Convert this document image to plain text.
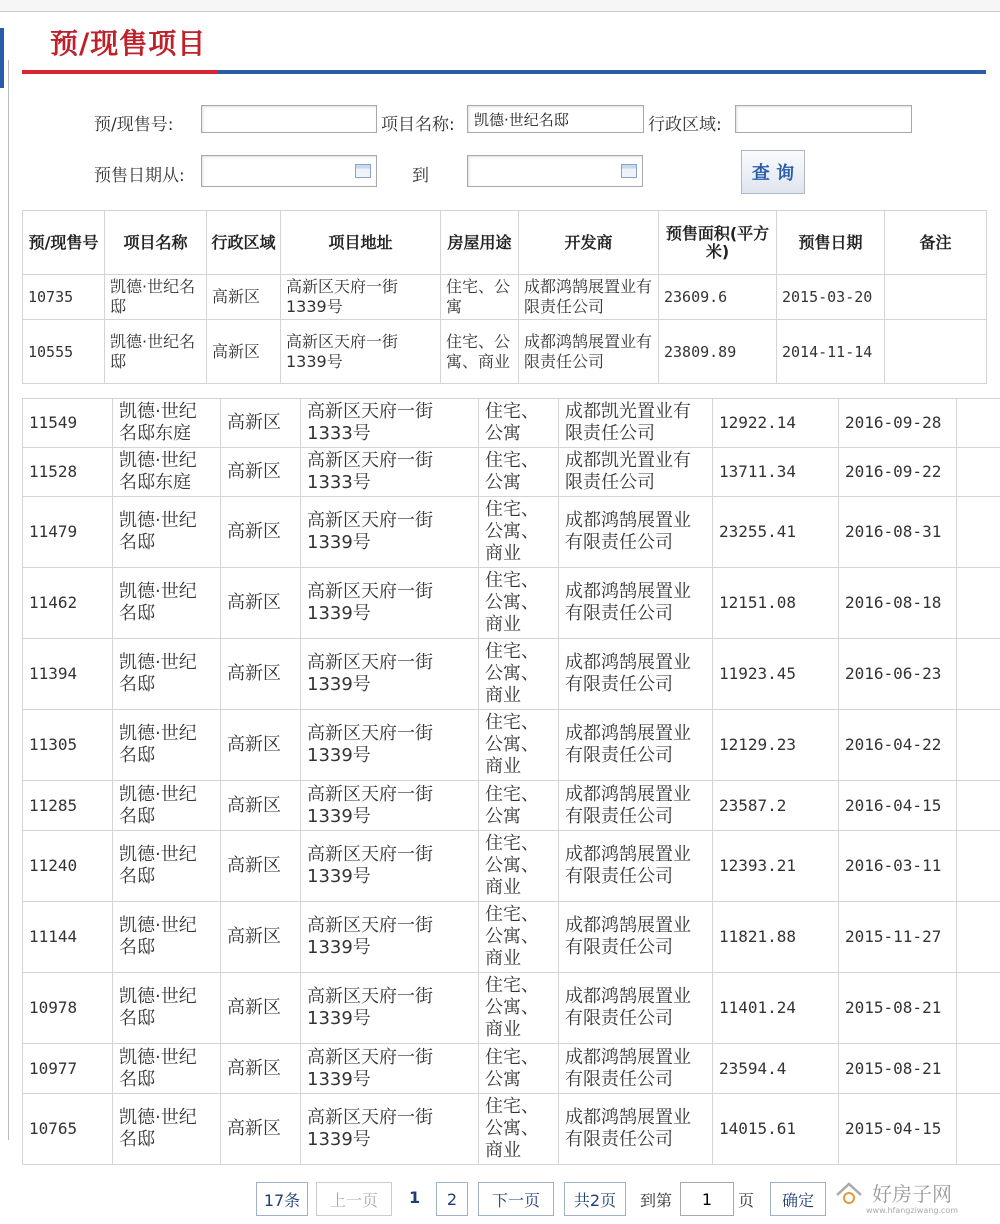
预/现售项目
预/现售号:	项目名称:
凯德·世纪名邸	行政区域:
预售日期从:	到	查 询
预/现售号	项目名称	行政区域	项目地址	房屋用途	开发商	预售面积(平方米)	预售日期	备注
10735	凯德·世纪名邸	高新区	高新区天府一街1339号	住宅、公寓	成都鸿鹄展置业有限责任公司	23609.6	2015-03-20	
10555	凯德·世纪名邸	高新区	高新区天府一街1339号	住宅、公寓、商业	成都鸿鹄展置业有限责任公司	23809.89	2014-11-14	
11549	凯德·世纪名邸东庭	高新区	高新区天府一街1333号	住宅、公寓	成都凯光置业有限责任公司	12922.14	2016-09-28	
11528	凯德·世纪名邸东庭	高新区	高新区天府一街1333号	住宅、公寓	成都凯光置业有限责任公司	13711.34	2016-09-22	
11479	凯德·世纪名邸	高新区	高新区天府一街1339号	住宅、公寓、商业	成都鸿鹄展置业有限责任公司	23255.41	2016-08-31	
11462	凯德·世纪名邸	高新区	高新区天府一街1339号	住宅、公寓、商业	成都鸿鹄展置业有限责任公司	12151.08	2016-08-18	
11394	凯德·世纪名邸	高新区	高新区天府一街1339号	住宅、公寓、商业	成都鸿鹄展置业有限责任公司	11923.45	2016-06-23	
11305	凯德·世纪名邸	高新区	高新区天府一街1339号	住宅、公寓、商业	成都鸿鹄展置业有限责任公司	12129.23	2016-04-22	
11285	凯德·世纪名邸	高新区	高新区天府一街1339号	住宅、公寓	成都鸿鹄展置业有限责任公司	23587.2	2016-04-15	
11240	凯德·世纪名邸	高新区	高新区天府一街1339号	住宅、公寓、商业	成都鸿鹄展置业有限责任公司	12393.21	2016-03-11	
11144	凯德·世纪名邸	高新区	高新区天府一街1339号	住宅、公寓、商业	成都鸿鹄展置业有限责任公司	11821.88	2015-11-27	
10978	凯德·世纪名邸	高新区	高新区天府一街1339号	住宅、公寓、商业	成都鸿鹄展置业有限责任公司	11401.24	2015-08-21	
10977	凯德·世纪名邸	高新区	高新区天府一街1339号	住宅、公寓	成都鸿鹄展置业有限责任公司	23594.4	2015-08-21	
10765	凯德·世纪名邸	高新区	高新区天府一街1339号	住宅、公寓、商业	成都鸿鹄展置业有限责任公司	14015.61	2015-04-15	
17条	上一页	1	2	下一页	共2页	到第
1	页	确定	好房子网
www.hfangziwang.com
